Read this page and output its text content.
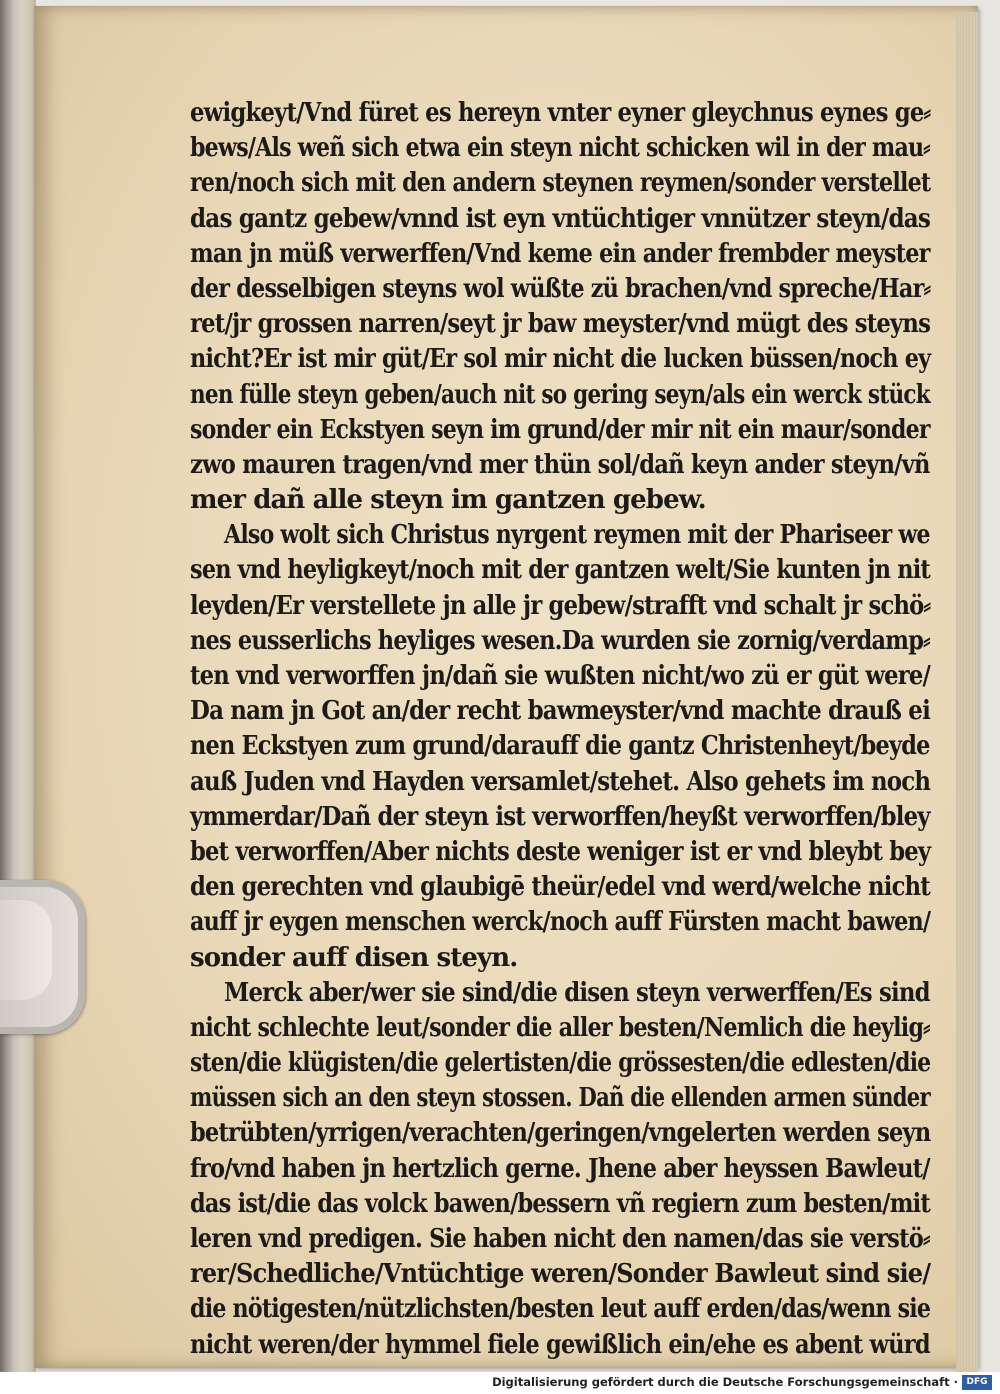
ewigkeyt/Vnd füret es hereyn vnter eyner gleychnus eynes ge⸗
bews/Als weñ sich etwa ein steyn nicht schicken wil in der mau⸗
ren/noch sich mit den andern steynen reymen/sonder verstellet
das gantz gebew/vnnd ist eyn vntüchtiger vnnützer steyn/das
man jn müß verwerffen/Vnd keme ein ander frembder meyster
der desselbigen steyns wol wüßte zü brachen/vnd spreche/Har⸗
ret/jr grossen narren/seyt jr baw meyster/vnd mügt des steyns
nicht?Er ist mir güt/Er sol mir nicht die lucken büssen/noch ey
nen fülle steyn geben/auch nit so gering seyn/als ein werck stück
sonder ein Eckstyen seyn im grund/der mir nit ein maur/sonder
zwo mauren tragen/vnd mer thün sol/dañ keyn ander steyn/vñ
mer dañ alle steyn im gantzen gebew.
Also wolt sich Christus nyrgent reymen mit der Phariseer we
sen vnd heyligkeyt/noch mit der gantzen welt/Sie kunten jn nit
leyden/Er verstellete jn alle jr gebew/strafft vnd schalt jr schö⸗
nes eusserlichs heyliges wesen.Da wurden sie zornig/verdamp⸗
ten vnd verworffen jn/dañ sie wußten nicht/wo zü er güt were/
Da nam jn Got an/der recht bawmeyster/vnd machte drauß ei
nen Eckstyen zum grund/darauff die gantz Christenheyt/beyde
auß Juden vnd Hayden versamlet/stehet. Also gehets im noch
ymmerdar/Dañ der steyn ist verworffen/heyßt verworffen/bley
bet verworffen/Aber nichts deste weniger ist er vnd bleybt bey
den gerechten vnd glaubigē theür/edel vnd werd/welche nicht
auff jr eygen menschen werck/noch auff Fürsten macht bawen/
sonder auff disen steyn.
Merck aber/wer sie sind/die disen steyn verwerffen/Es sind
nicht schlechte leut/sonder die aller besten/Nemlich die heylig⸗
sten/die klügisten/die gelertisten/die grössesten/die edlesten/die
müssen sich an den steyn stossen. Dañ die ellenden armen sünder
betrübten/yrrigen/verachten/geringen/vngelerten werden seyn
fro/vnd haben jn hertzlich gerne. Jhene aber heyssen Bawleut/
das ist/die das volck bawen/bessern vñ regiern zum besten/mit
leren vnd predigen. Sie haben nicht den namen/das sie verstö⸗
rer/Schedliche/Vntüchtige weren/Sonder Bawleut sind sie/
die nötigesten/nützlichsten/besten leut auff erden/das/wenn sie
nicht weren/der hymmel fiele gewißlich ein/ehe es abent würd
Digitalisierung gefördert durch die Deutsche Forschungsgemeinschaft · DFG
